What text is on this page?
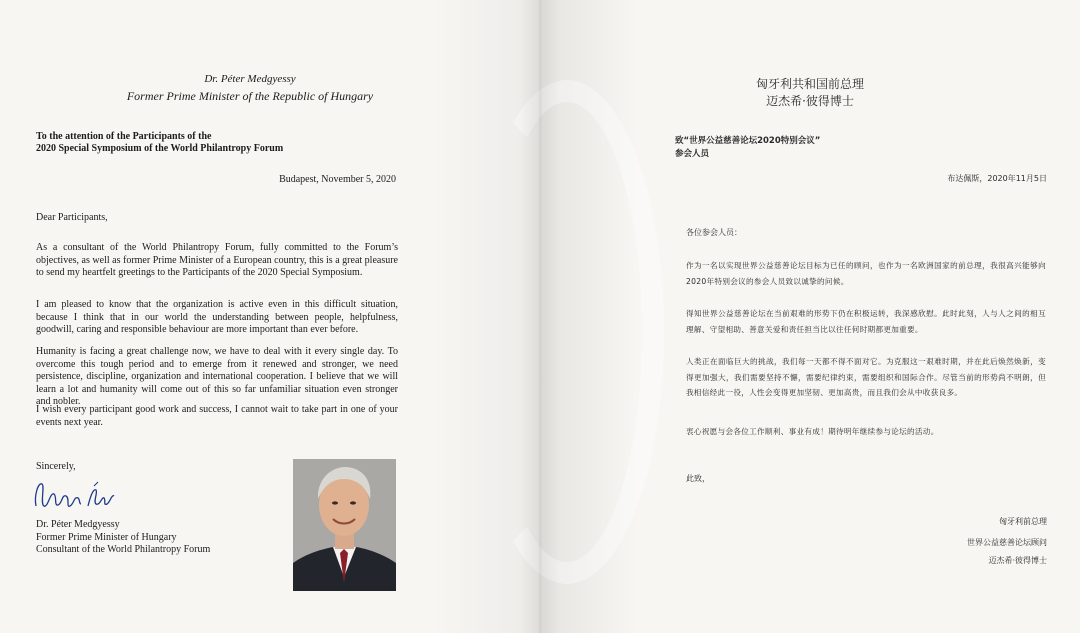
Dr. Péter Medgyessy
Former Prime Minister of the Republic of Hungary
To the attention of the Participants of the
2020 Special Symposium of the World Philantropy Forum
Budapest, November 5, 2020
Dear Participants,
As a consultant of the World Philantropy Forum, fully committed to the Forum’s objectives, as well as former Prime Minister of a European country, this is a great pleasure to send my heartfelt greetings to the Participants of the 2020 Special Symposium.
I am pleased to know that the organization is active even in this difficult situation, because I think that in our world the understanding between people, helpfulness, goodwill, caring and responsible behaviour are more important than ever before.
Humanity is facing a great challenge now, we have to deal with it every single day. To overcome this tough period and to emerge from it renewed and stronger, we need persistence, discipline, organization and international cooperation. I believe that we will learn a lot and humanity will come out of this so far unfamiliar situation even stronger and nobler.
I wish every participant good work and success, I cannot wait to take part in one of your events next year.
Sincerely,
Dr. Péter Medgyessy
Former Prime Minister of Hungary
Consultant of the World Philantropy Forum
匈牙利共和国前总理
迈杰希·彼得博士
致“世界公益慈善论坛2020特别会议”
参会人员
布达佩斯，2020年11月5日
各位参会人员：
作为一名以实现世界公益慈善论坛目标为已任的顾问，也作为一名欧洲国家的前总理，我很高兴能够向2020年特别会议的参会人员致以诚挚的问候。
得知世界公益慈善论坛在当前艰难的形势下仍在积极运转，我深感欣慰。此时此刻，人与人之间的相互理解、守望相助、善意关爱和责任担当比以往任何时期都更加重要。
人类正在面临巨大的挑战，我们每一天都不得不面对它。为克服这一艰难时期，并在此后焕然焕新，变得更加强大，我们需要坚持不懈，需要纪律约束，需要组织和国际合作。尽管当前的形势尚不明朗，但我相信经此一役，人性会变得更加坚韧、更加高贵，而且我们会从中收获良多。
衷心祝愿与会各位工作顺利、事业有成！期待明年继续参与论坛的活动。
此致，
匈牙利前总理
世界公益慈善论坛顾问
迈杰希·彼得博士
